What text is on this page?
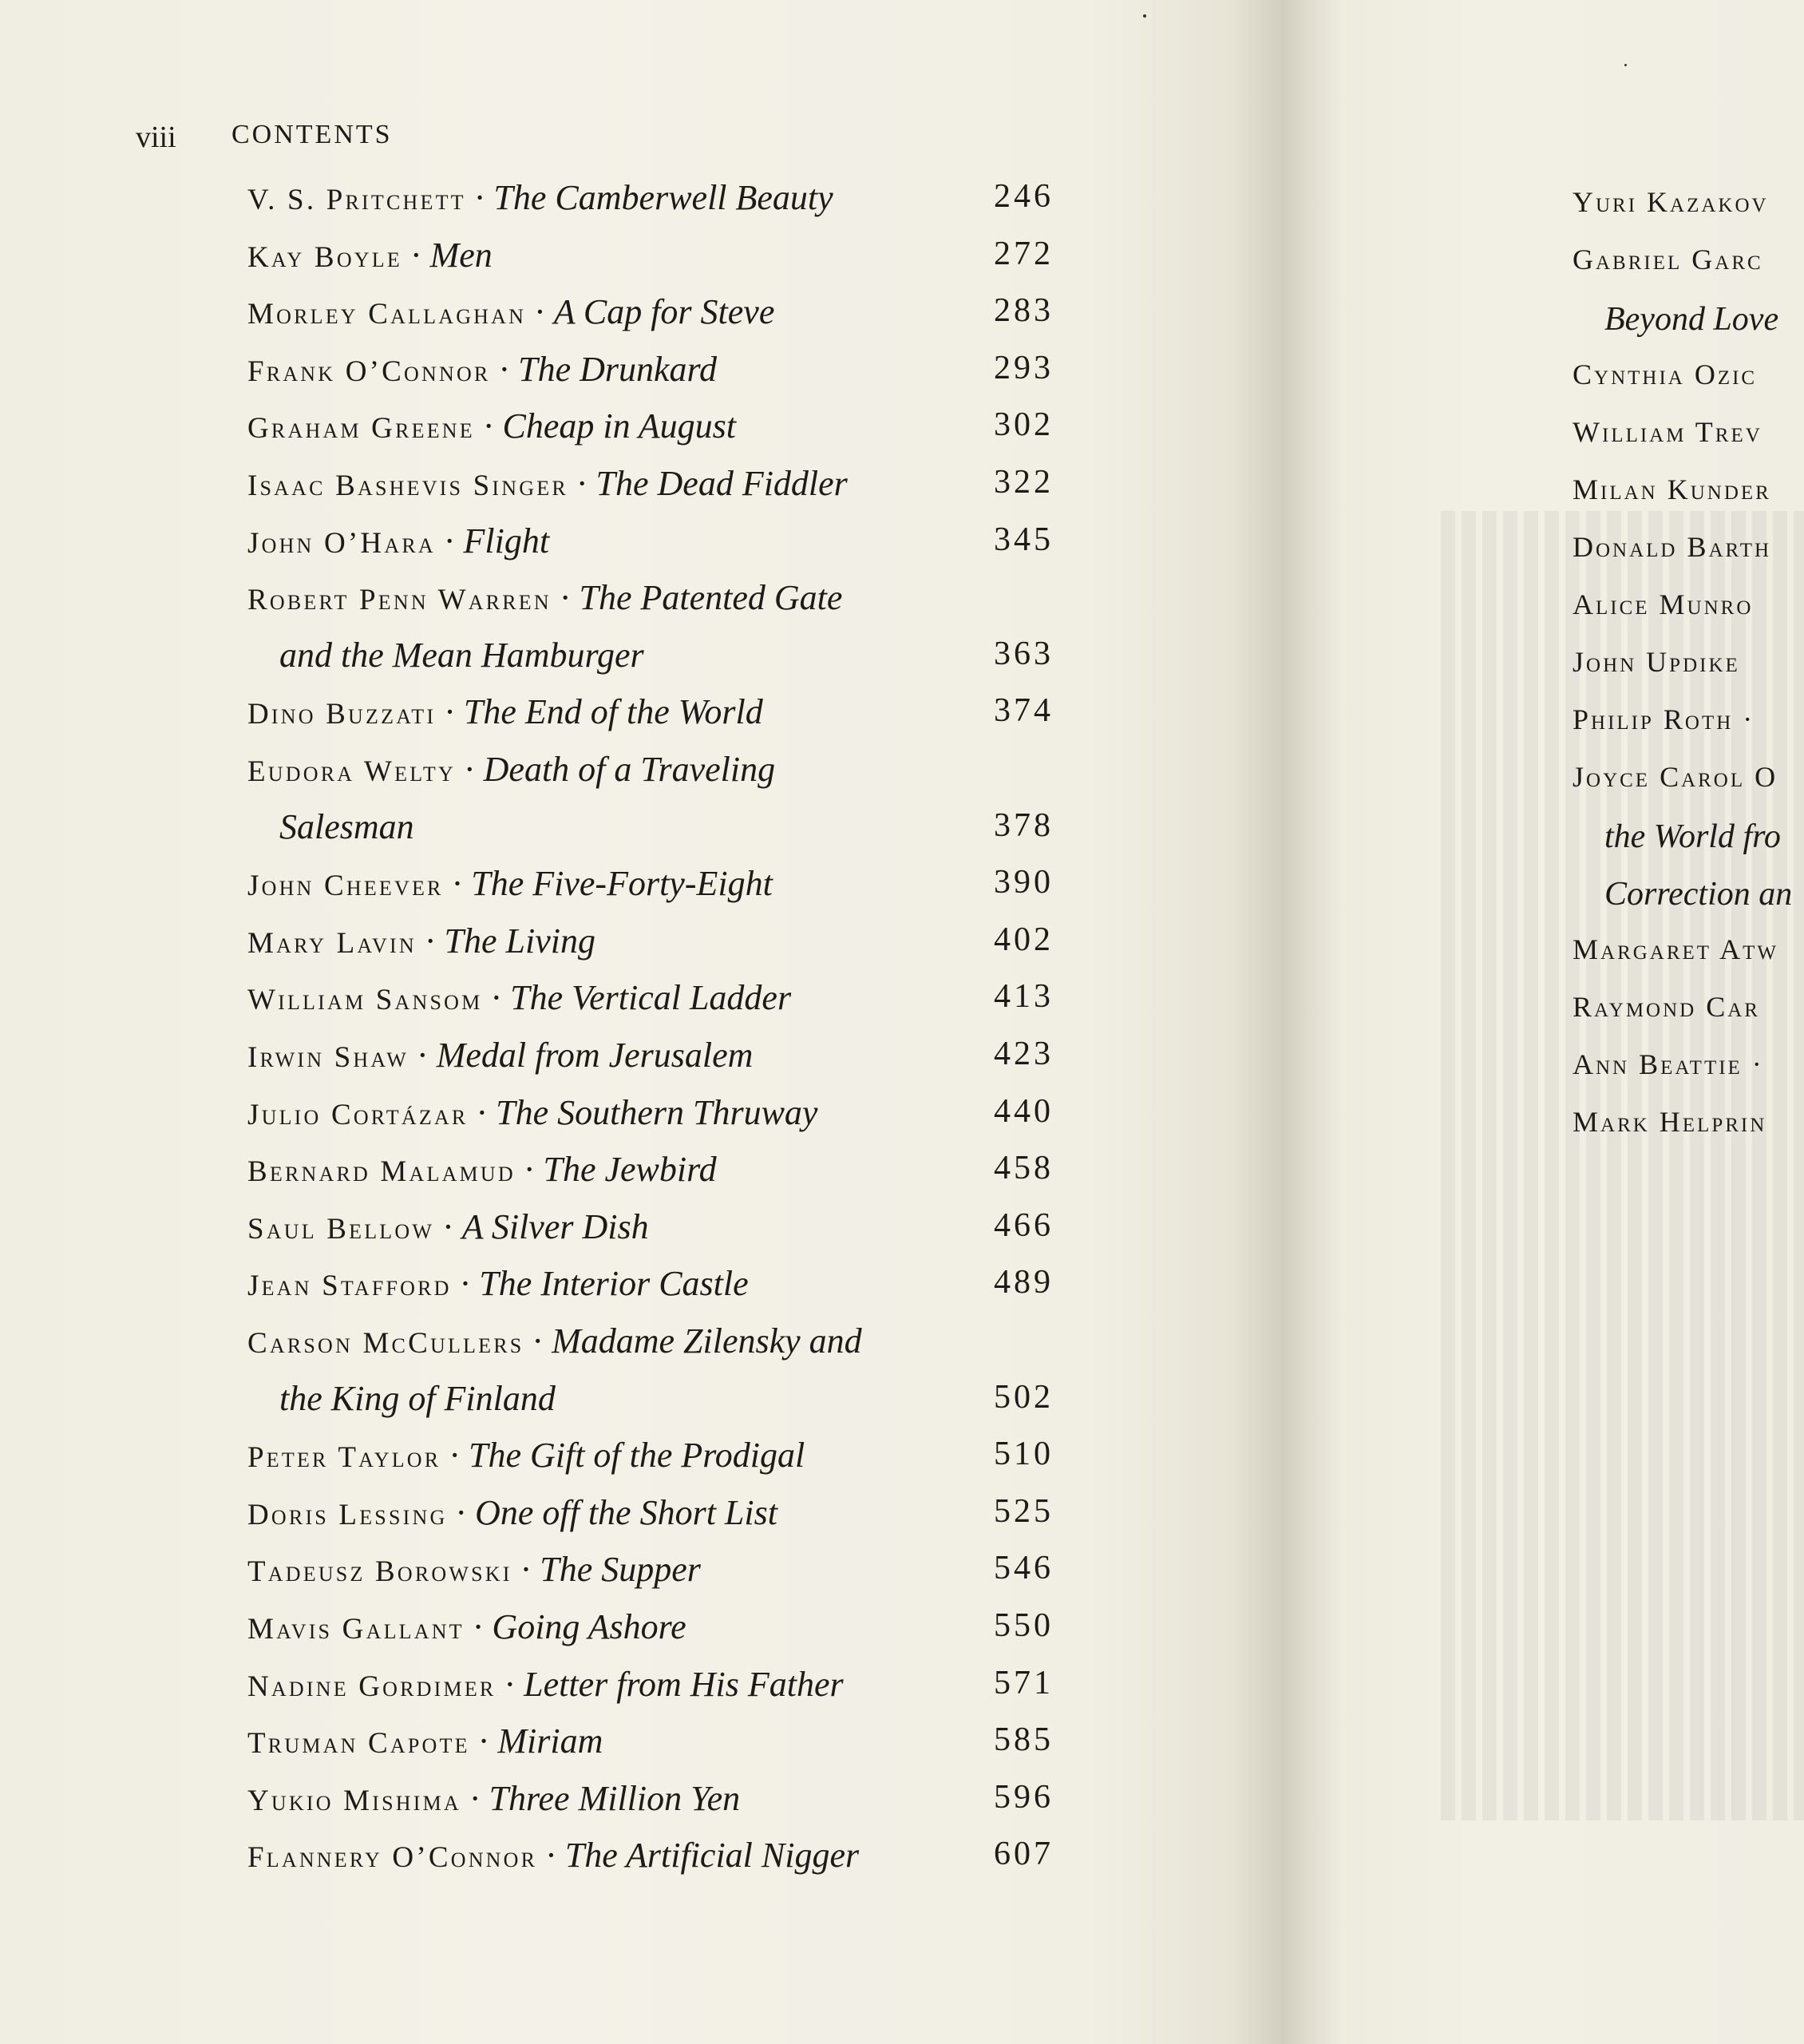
viii CONTENTS
V. S. Pritchett · The Camberwell Beauty	246
Kay Boyle · Men	272
Morley Callaghan · A Cap for Steve	283
Frank O’Connor · The Drunkard	293
Graham Greene · Cheap in August	302
Isaac Bashevis Singer · The Dead Fiddler	322
John O’Hara · Flight	345
Robert Penn Warren · The Patented Gate
and the Mean Hamburger	363
Dino Buzzati · The End of the World	374
Eudora Welty · Death of a Traveling
Salesman	378
John Cheever · The Five-Forty-Eight	390
Mary Lavin · The Living	402
William Sansom · The Vertical Ladder	413
Irwin Shaw · Medal from Jerusalem	423
Julio Cortázar · The Southern Thruway	440
Bernard Malamud · The Jewbird	458
Saul Bellow · A Silver Dish	466
Jean Stafford · The Interior Castle	489
Carson McCullers · Madame Zilensky and
the King of Finland	502
Peter Taylor · The Gift of the Prodigal	510
Doris Lessing · One off the Short List	525
Tadeusz Borowski · The Supper	546
Mavis Gallant · Going Ashore	550
Nadine Gordimer · Letter from His Father	571
Truman Capote · Miriam	585
Yukio Mishima · Three Million Yen	596
Flannery O’Connor · The Artificial Nigger	607
Yuri Kazakov
Gabriel Garc
Beyond Love
Cynthia Ozic
William Trev
Milan Kunder
Donald Barth
Alice Munro
John Updike
Philip Roth ·
Joyce Carol O
the World fro
Correction an
Margaret Atw
Raymond Car
Ann Beattie ·
Mark Helprin
